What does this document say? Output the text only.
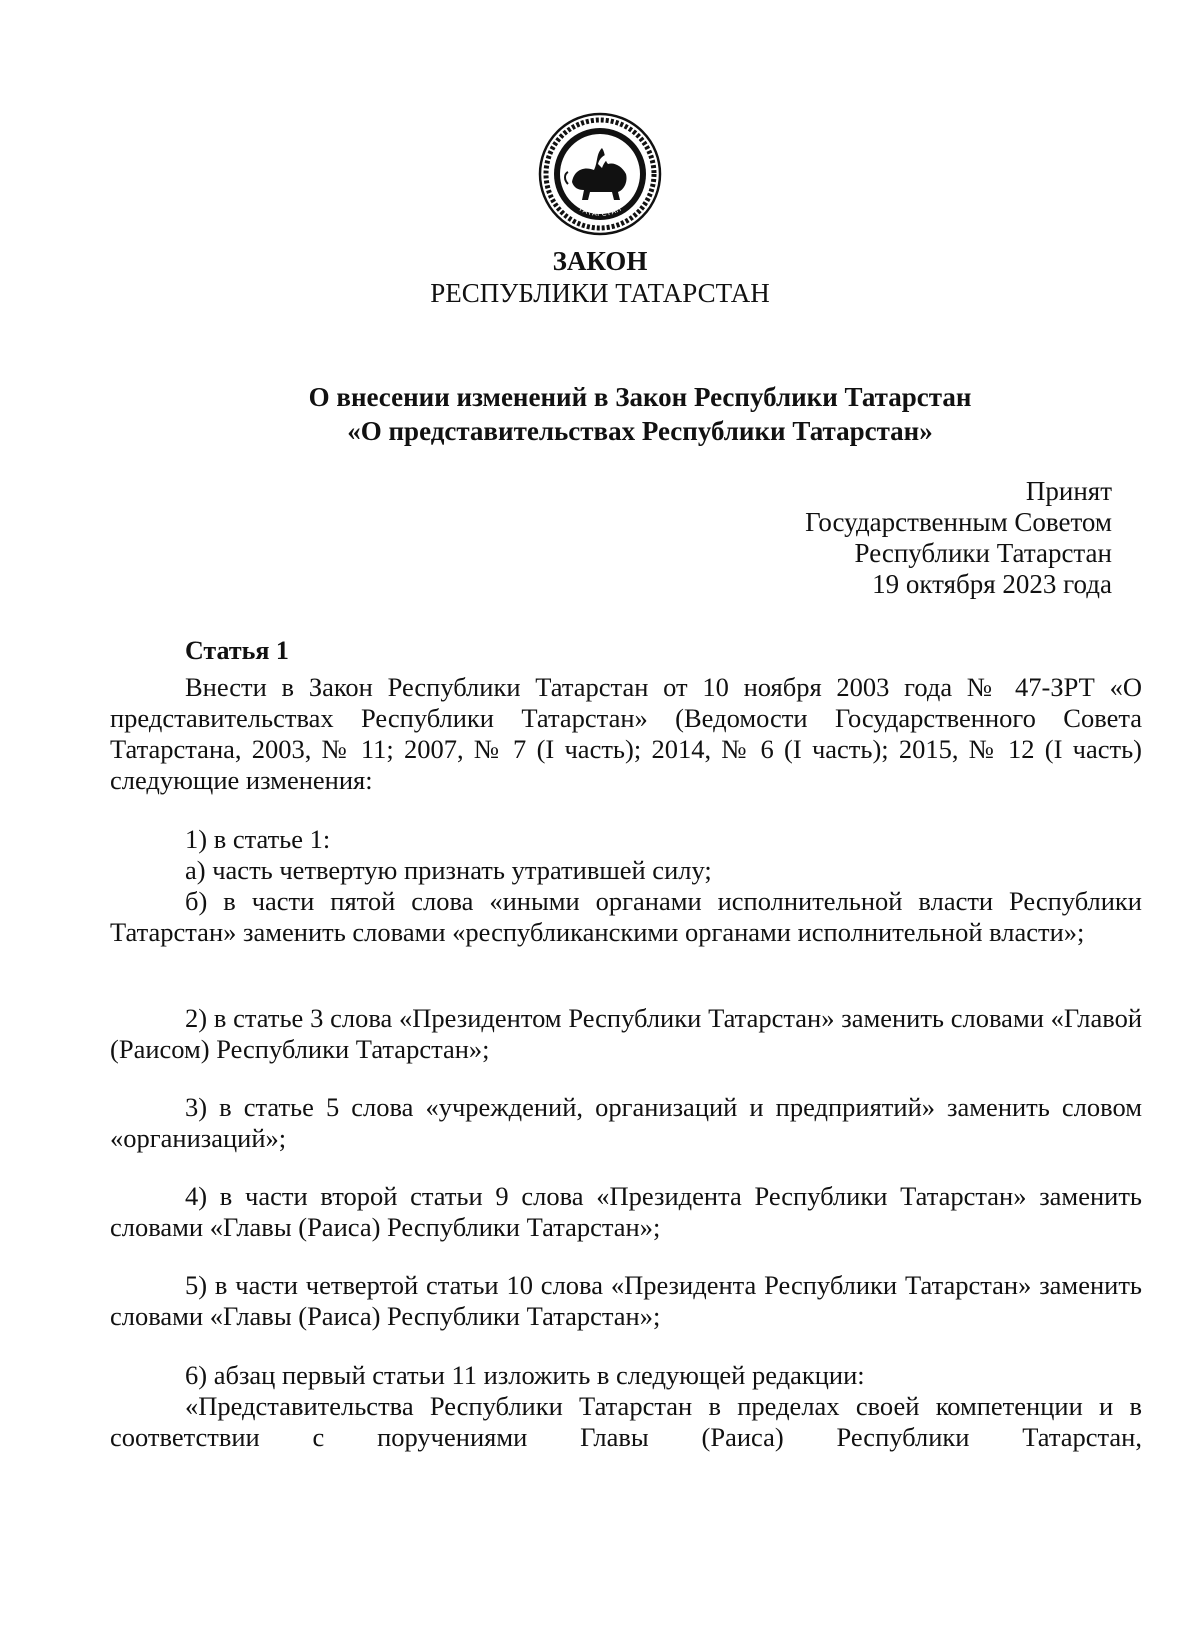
ТАТАРСТАН
ЗАКОН
РЕСПУБЛИКИ ТАТАРСТАН
О внесении изменений в Закон Республики Татарстан
«О представительствах Республики Татарстан»
Принят
Государственным Советом
Республики Татарстан
19 октября 2023 года
Статья 1

Внести в Закон Республики Татарстан от 10 ноября 2003 года № 47-ЗРТ «О представительствах Республики Татарстан» (Ведомости Государственного Совета Татарстана, 2003, № 11; 2007, № 7 (I часть); 2014, № 6 (I часть); 2015, № 12 (I часть) следующие изменения:

1) в статье 1:

а) часть четвертую признать утратившей силу;

б) в части пятой слова «иными органами исполнительной власти Республики Татарстан» заменить словами «республиканскими органами исполнительной власти»;

2) в статье 3 слова «Президентом Республики Татарстан» заменить словами «Главой (Раисом) Республики Татарстан»;

3) в статье 5 слова «учреждений, организаций и предприятий» заменить словом «организаций»;

4) в части второй статьи 9 слова «Президента Республики Татарстан» заменить словами «Главы (Раиса) Республики Татарстан»;

5) в части четвертой статьи 10 слова «Президента Республики Татарстан» заменить словами «Главы (Раиса) Республики Татарстан»;

6) абзац первый статьи 11 изложить в следующей редакции:

«Представительства Республики Татарстан в пределах своей компетенции и в соответствии с поручениями Главы (Раиса) Республики Татарстан,
